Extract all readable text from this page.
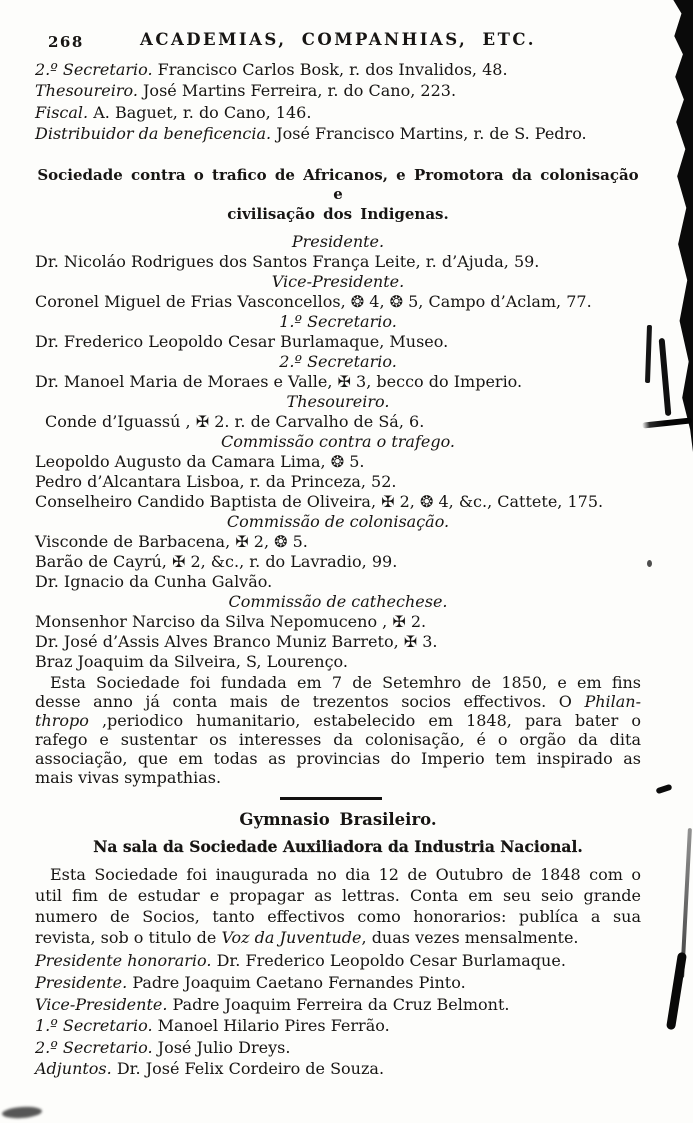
268	ACADEMIAS, COMPANHIAS, ETC.
2.º Secretario. Francisco Carlos Bosk, r. dos Invalidos, 48.
Thesoureiro. José Martins Ferreira, r. do Cano, 223.
Fiscal. A. Baguet, r. do Cano, 146.
Distribuidor da beneficencia. José Francisco Martins, r. de S. Pedro.
Sociedade contra o trafico de Africanos, e Promotora da colonisação e
civilisação dos Indigenas.
Presidente.
Dr. Nicoláo Rodrigues dos Santos França Leite, r. d’Ajuda, 59.
Vice-Presidente.
Coronel Miguel de Frias Vasconcellos, ❂ 4, ❂ 5, Campo d’Aclam, 77.
1.º Secretario.
Dr. Frederico Leopoldo Cesar Burlamaque, Museo.
2.º Secretario.
Dr. Manoel Maria de Moraes e Valle, ✠ 3, becco do Imperio.
Thesoureiro.
Conde d’Iguassú , ✠ 2. r. de Carvalho de Sá, 6.
Commissão contra o trafego.
Leopoldo Augusto da Camara Lima, ❂ 5.
Pedro d’Alcantara Lisboa, r. da Princeza, 52.
Conselheiro Candido Baptista de Oliveira, ✠ 2, ❂ 4, &c., Cattete, 175.
Commissão de colonisação.
Visconde de Barbacena, ✠ 2, ❂ 5.
Barão de Cayrú, ✠ 2, &c., r. do Lavradio, 99.
Dr. Ignacio da Cunha Galvão.
Commissão de cathechese.
Monsenhor Narciso da Silva Nepomuceno , ✠ 2.
Dr. José d’Assis Alves Branco Muniz Barreto, ✠ 3.
Braz Joaquim da Silveira, S, Lourenço.
Esta Sociedade foi fundada em 7 de Setemhro de 1850, e em fins
desse anno já conta mais de trezentos socios effectivos. O Philan-
thropo ,periodico humanitario, estabelecido em 1848, para bater o
rafego e sustentar os interesses da colonisação, é o orgão da dita
associação, que em todas as provincias do Imperio tem inspirado as
mais vivas sympathias.
Gymnasio Brasileiro.
Na sala da Sociedade Auxiliadora da Industria Nacional.
Esta Sociedade foi inaugurada no dia 12 de Outubro de 1848 com o
util fim de estudar e propagar as lettras. Conta em seu seio grande
numero de Socios, tanto effectivos como honorarios: publíca a sua
revista, sob o titulo de Voz da Juventude, duas vezes mensalmente.
Presidente honorario. Dr. Frederico Leopoldo Cesar Burlamaque.
Presidente. Padre Joaquim Caetano Fernandes Pinto.
Vice-Presidente. Padre Joaquim Ferreira da Cruz Belmont.
1.º Secretario. Manoel Hilario Pires Ferrão.
2.º Secretario. José Julio Dreys.
Adjuntos. Dr. José Felix Cordeiro de Souza.
